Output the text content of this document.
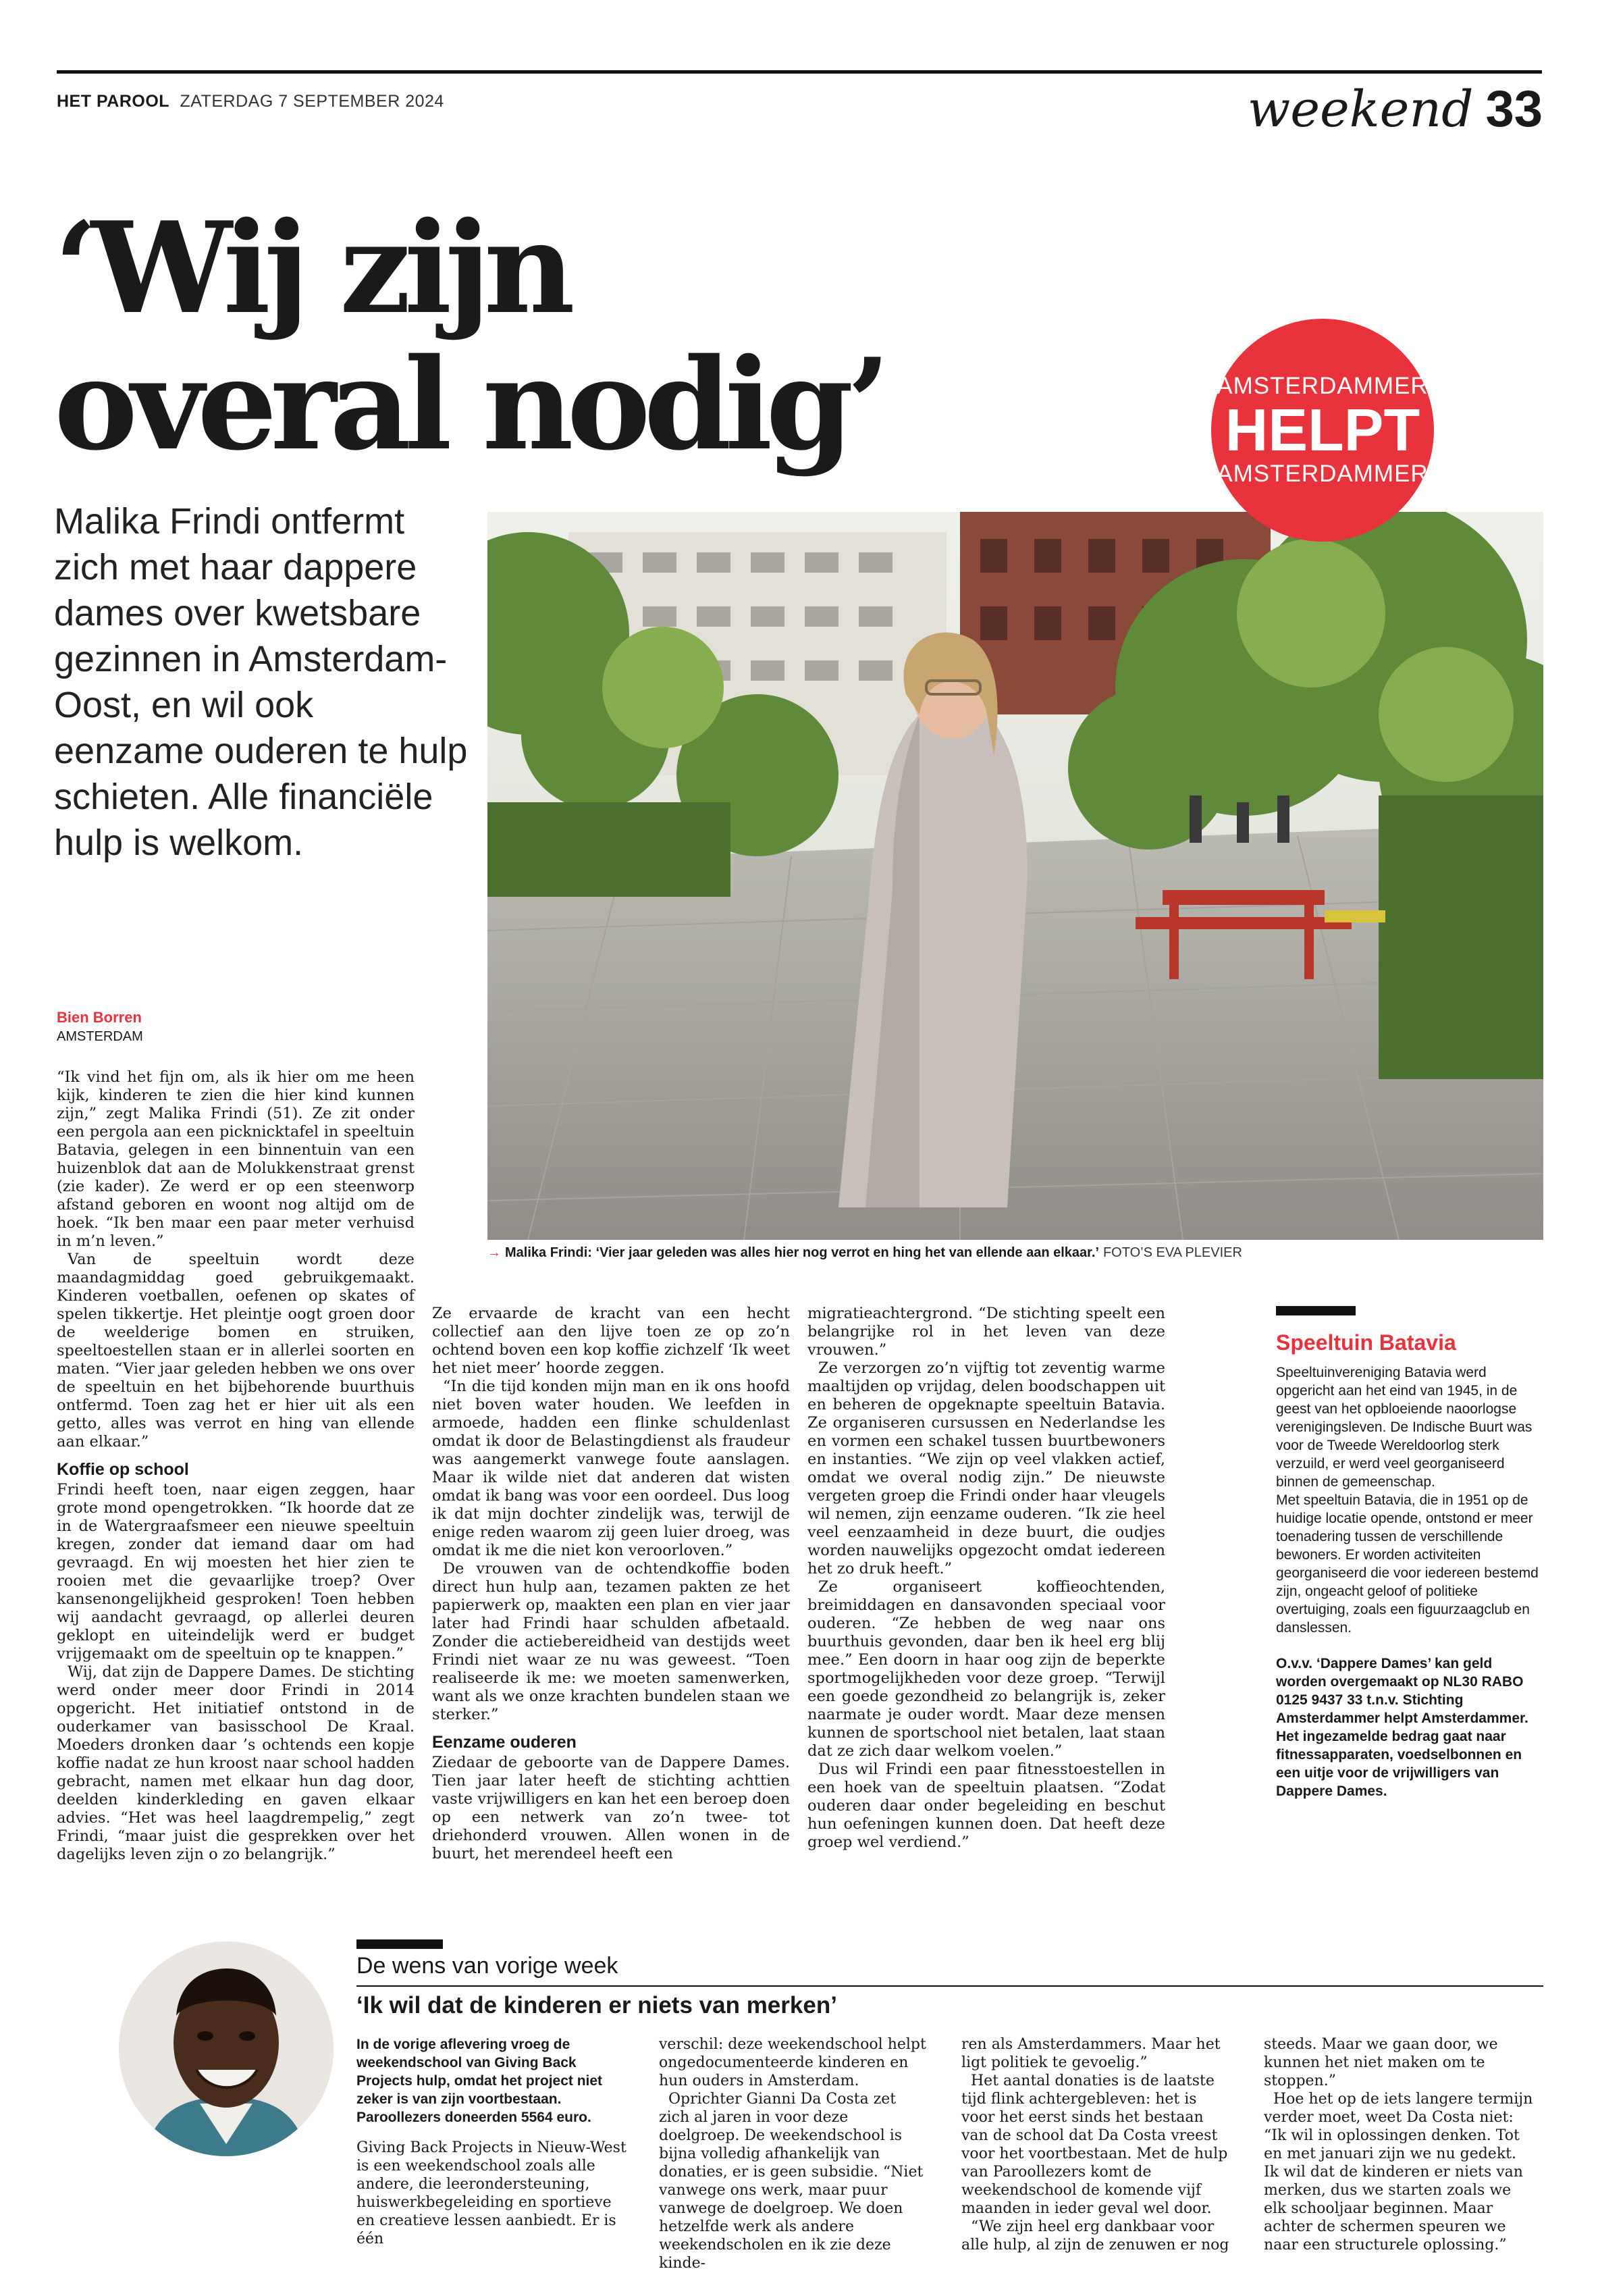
HET PAROOL ZATERDAG 7 SEPTEMBER 2024	weekend 33
‘Wij zijn
overal nodig’
Malika Frindi ontfermt zich met haar dappere dames over kwetsbare gezinnen in Amsterdam-Oost, en wil ook eenzame ouderen te hulp schieten. Alle financiële hulp is welkom.
AMSTERDAMMER
HELPT
AMSTERDAMMER
→ Malika Frindi: ‘Vier jaar geleden was alles hier nog verrot en hing het van ellende aan elkaar.’ FOTO’S EVA PLEVIER
Bien Borren
AMSTERDAM

“Ik vind het fijn om, als ik hier om me heen kijk, kinderen te zien die hier kind kunnen zijn,” zegt Malika Frindi (51). Ze zit onder een pergola aan een picknicktafel in speeltuin Batavia, gelegen in een binnentuin van een huizenblok dat aan de Molukkenstraat grenst (zie kader). Ze werd er op een steenworp afstand geboren en woont nog altijd om de hoek. “Ik ben maar een paar meter verhuisd in m’n leven.”

Van de speeltuin wordt deze maandagmiddag goed gebruikgemaakt. Kinderen voetballen, oefenen op skates of spelen tikkertje. Het pleintje oogt groen door de weelderige bomen en struiken, speeltoestellen staan er in allerlei soorten en maten. “Vier jaar geleden hebben we ons over de speeltuin en het bijbehorende buurthuis ontfermd. Toen zag het er hier uit als een getto, alles was verrot en hing van ellende aan elkaar.”

Koffie op school

Frindi heeft toen, naar eigen zeggen, haar grote mond opengetrokken. “Ik hoorde dat ze in de Watergraafsmeer een nieuwe speeltuin kregen, zonder dat iemand daar om had gevraagd. En wij moesten het hier zien te rooien met die gevaarlijke troep? Over kansenongelijkheid gesproken! Toen hebben wij aandacht gevraagd, op allerlei deuren geklopt en uiteindelijk werd er budget vrijgemaakt om de speeltuin op te knappen.”

Wij, dat zijn de Dappere Dames. De stichting werd onder meer door Frindi in 2014 opgericht. Het initiatief ontstond in de ouderkamer van basisschool De Kraal. Moeders dronken daar ’s ochtends een kopje koffie nadat ze hun kroost naar school hadden gebracht, namen met elkaar hun dag door, deelden kinderkleding en gaven elkaar advies. “Het was heel laagdrempelig,” zegt Frindi, “maar juist die gesprekken over het dagelijks leven zijn o zo belangrijk.”

Ze ervaarde de kracht van een hecht collectief aan den lijve toen ze op zo’n ochtend boven een kop koffie zichzelf ‘Ik weet het niet meer’ hoorde zeggen.

“In die tijd konden mijn man en ik ons hoofd niet boven water houden. We leefden in armoede, hadden een flinke schuldenlast omdat ik door de Belastingdienst als fraudeur was aangemerkt vanwege foute aanslagen. Maar ik wilde niet dat anderen dat wisten omdat ik bang was voor een oordeel. Dus loog ik dat mijn dochter zindelijk was, terwijl de enige reden waarom zij geen luier droeg, was omdat ik me die niet kon veroorloven.”

De vrouwen van de ochtendkoffie boden direct hun hulp aan, tezamen pakten ze het papierwerk op, maakten een plan en vier jaar later had Frindi haar schulden afbetaald. Zonder die actiebereidheid van destijds weet Frindi niet waar ze nu was geweest. “Toen realiseerde ik me: we moeten samenwerken, want als we onze krachten bundelen staan we sterker.”

Eenzame ouderen

Ziedaar de geboorte van de Dappere Dames. Tien jaar later heeft de stichting achttien vaste vrijwilligers en kan het een beroep doen op een netwerk van zo’n twee- tot driehonderd vrouwen. Allen wonen in de buurt, het merendeel heeft een

migratieachtergrond. “De stichting speelt een belangrijke rol in het leven van deze vrouwen.”

Ze verzorgen zo’n vijftig tot zeventig warme maaltijden op vrijdag, delen boodschappen uit en beheren de opgeknapte speeltuin Batavia. Ze organiseren cursussen en Nederlandse les en vormen een schakel tussen buurtbewoners en instanties. “We zijn op veel vlakken actief, omdat we overal nodig zijn.” De nieuwste vergeten groep die Frindi onder haar vleugels wil nemen, zijn eenzame ouderen. “Ik zie heel veel eenzaamheid in deze buurt, die oudjes worden nauwelijks opgezocht omdat iedereen het zo druk heeft.”

Ze organiseert koffieochtenden, breimiddagen en dansavonden speciaal voor ouderen. “Ze hebben de weg naar ons buurthuis gevonden, daar ben ik heel erg blij mee.” Een doorn in haar oog zijn de beperkte sportmogelijkheden voor deze groep. “Terwijl een goede gezondheid zo belangrijk is, zeker naarmate je ouder wordt. Maar deze mensen kunnen de sportschool niet betalen, laat staan dat ze zich daar welkom voelen.”

Dus wil Frindi een paar fitnesstoestellen in een hoek van de speeltuin plaatsen. “Zodat ouderen daar onder begeleiding en beschut hun oefeningen kunnen doen. Dat heeft deze groep wel verdiend.”

Speeltuin Batavia

Speeltuinvereniging Batavia werd opgericht aan het eind van 1945, in de geest van het opbloeiende naoorlogse verenigingsleven. De Indische Buurt was voor de Tweede Wereldoorlog sterk verzuild, er werd veel georganiseerd binnen de gemeenschap.

Met speeltuin Batavia, die in 1951 op de huidige locatie opende, ontstond er meer toenadering tussen de verschillende bewoners. Er worden activiteiten georganiseerd die voor iedereen bestemd zijn, ongeacht geloof of politieke overtuiging, zoals een figuurzaagclub en danslessen.

O.v.v. ‘Dappere Dames’ kan geld worden overgemaakt op NL30 RABO 0125 9437 33 t.n.v. Stichting Amsterdammer helpt Amsterdammer. Het ingezamelde bedrag gaat naar fitnessapparaten, voedselbonnen en een uitje voor de vrijwilligers van Dappere Dames.

De wens van vorige week
‘Ik wil dat de kinderen er niets van merken’

In de vorige aflevering vroeg de weekendschool van Giving Back Projects hulp, omdat het project niet zeker is van zijn voortbestaan. Paroollezers doneerden 5564 euro.

Giving Back Projects in Nieuw-West is een weekendschool zoals alle andere, die leerondersteuning, huiswerkbegeleiding en sportieve en creatieve lessen aanbiedt. Er is één

verschil: deze weekendschool helpt ongedocumenteerde kinderen en hun ouders in Amsterdam.

Oprichter Gianni Da Costa zet zich al jaren in voor deze doelgroep. De weekendschool is bijna volledig afhankelijk van donaties, er is geen subsidie. “Niet vanwege ons werk, maar puur vanwege de doelgroep. We doen hetzelfde werk als andere weekendscholen en ik zie deze kinde-

ren als Amsterdammers. Maar het ligt politiek te gevoelig.”

Het aantal donaties is de laatste tijd flink achtergebleven: het is voor het eerst sinds het bestaan van de school dat Da Costa vreest voor het voortbestaan. Met de hulp van Paroollezers komt de weekendschool de komende vijf maanden in ieder geval wel door.

“We zijn heel erg dankbaar voor alle hulp, al zijn de zenuwen er nog

steeds. Maar we gaan door, we kunnen het niet maken om te stoppen.”

Hoe het op de iets langere termijn verder moet, weet Da Costa niet: “Ik wil in oplossingen denken. Tot en met januari zijn we nu gedekt. Ik wil dat de kinderen er niets van merken, dus we starten zoals we elk schooljaar beginnen. Maar achter de schermen speuren we naar een structurele oplossing.”
